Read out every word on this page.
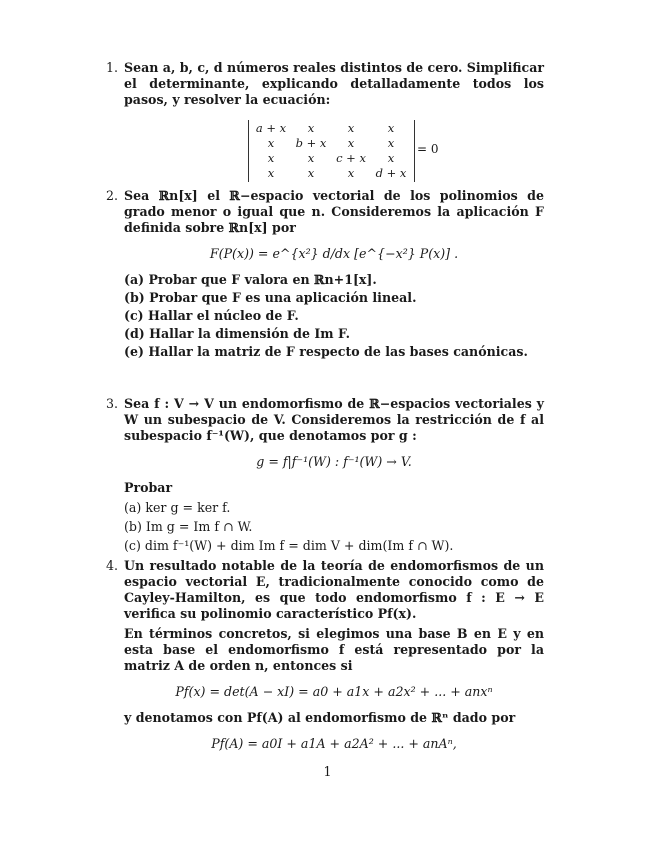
1. Sean a, b, c, d números reales distintos de cero. Simplificar el determinante, explicando detalladamente todos los pasos, y resolver la ecuación:

a + x	x	x	x
x	b + x	x	x
x	x	c + x	x
x	x	x	d + x
= 0
2. Sea ℝn[x] el ℝ−espacio vectorial de los polinomios de grado menor o igual que n. Consideremos la aplicación F definida sobre ℝn[x] por

F(P(x)) = e^{x²} d/dx [e^{−x²} P(x)] .

(a) Probar que F valora en ℝn+1[x].

(b) Probar que F es una aplicación lineal.

(c) Hallar el núcleo de F.

(d) Hallar la dimensión de Im F.

(e) Hallar la matriz de F respecto de las bases canónicas.

3. Sea f : V → V un endomorfismo de ℝ−espacios vectoriales y W un subespacio de V. Consideremos la restricción de f al subespacio f⁻¹(W), que denotamos por g :

g = f|f⁻¹(W) : f⁻¹(W) → V.

Probar

(a) ker g = ker f.

(b) Im g = Im f ∩ W.

(c) dim f⁻¹(W) + dim Im f = dim V + dim(Im f ∩ W).

4. Un resultado notable de la teoría de endomorfismos de un espacio vectorial E, tradicionalmente conocido como de Cayley-Hamilton, es que todo endomorfismo f : E → E verifica su polinomio característico Pf(x).

En términos concretos, si elegimos una base B en E y en esta base el endomorfismo f está representado por la matriz A de orden n, entonces si

Pf(x) = det(A − xI) = a0 + a1x + a2x² + ... + anxⁿ

y denotamos con Pf(A) al endomorfismo de ℝⁿ dado por

Pf(A) = a0I + a1A + a2A² + ... + anAⁿ,

1
